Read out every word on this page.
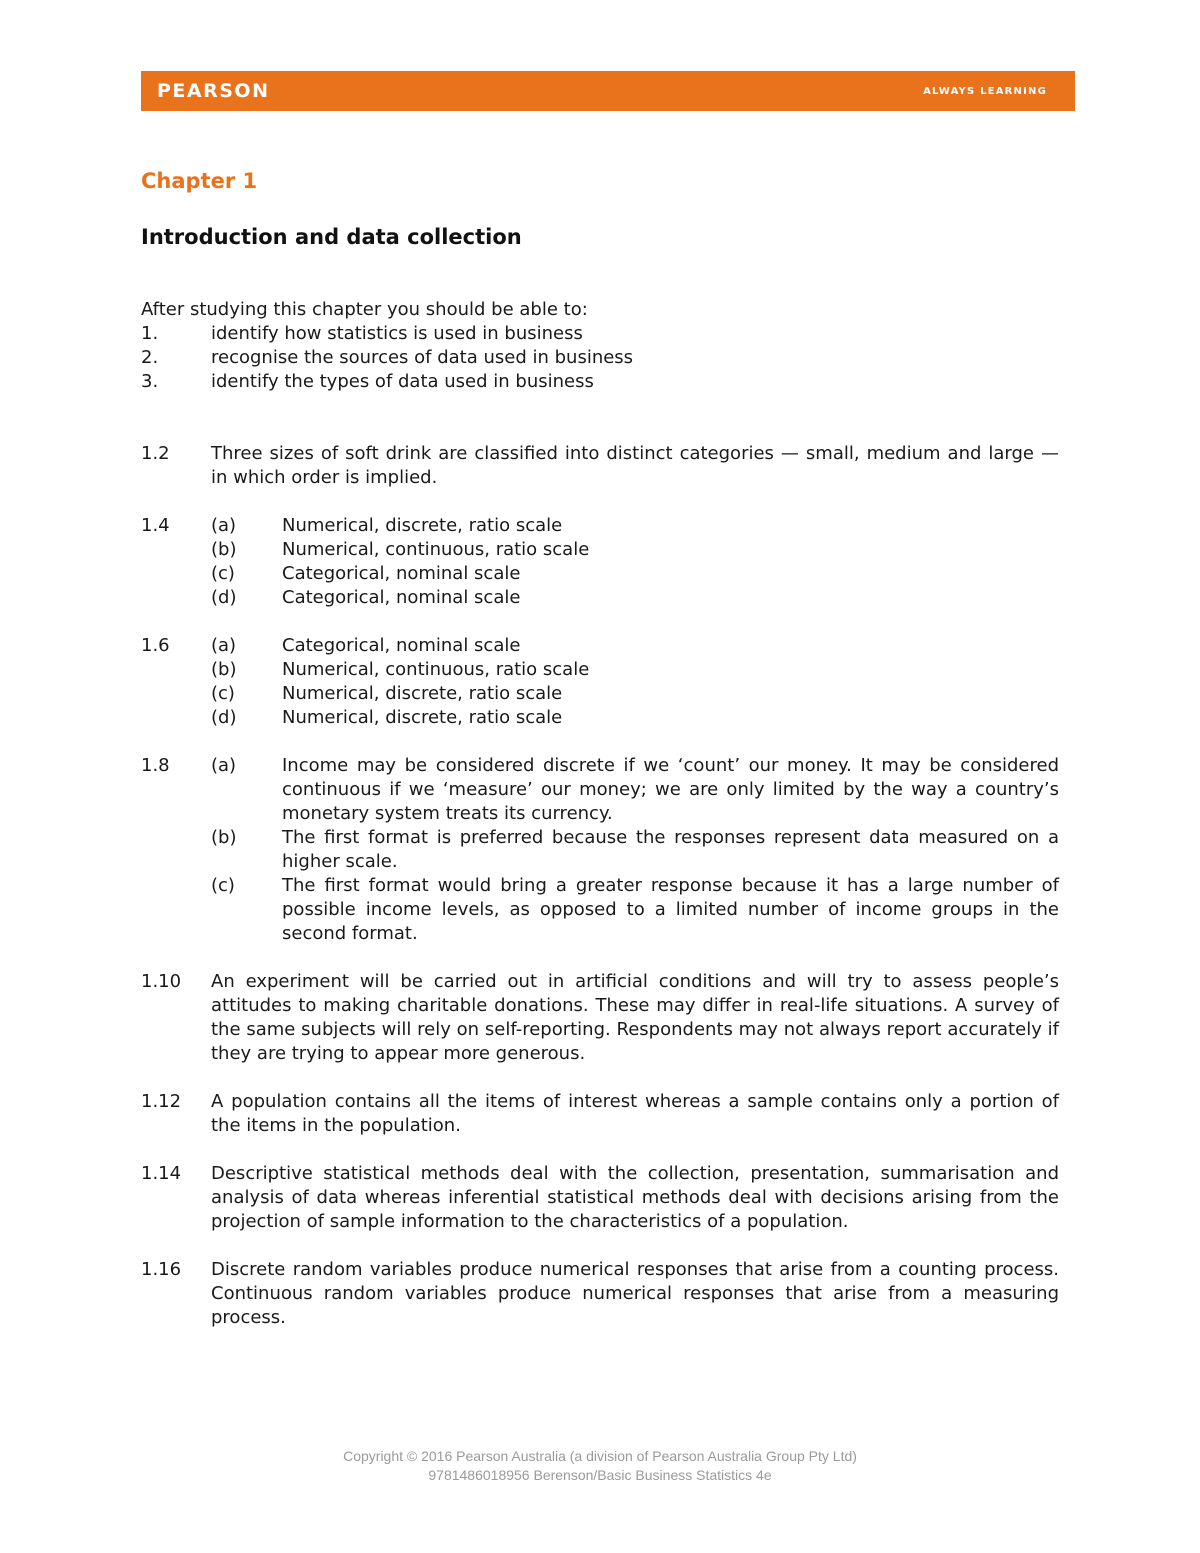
PEARSON	ALWAYS LEARNING
Chapter 1
Introduction and data collection
After studying this chapter you should be able to:
1.	identify how statistics is used in business
2.	recognise the sources of data used in business
3.	identify the types of data used in business
1.2	Three sizes of soft drink are classified into distinct categories — small, medium and large — in which order is implied.
1.4	(a)	Numerical, discrete, ratio scale
(b)	Numerical, continuous, ratio scale
(c)	Categorical, nominal scale
(d)	Categorical, nominal scale
1.6	(a)	Categorical, nominal scale
(b)	Numerical, continuous, ratio scale
(c)	Numerical, discrete, ratio scale
(d)	Numerical, discrete, ratio scale
1.8	(a)	Income may be considered discrete if we ‘count’ our money. It may be considered continuous if we ‘measure’ our money; we are only limited by the way a country’s monetary system treats its currency.
(b)	The first format is preferred because the responses represent data measured on a higher scale.
(c)	The first format would bring a greater response because it has a large number of possible income levels, as opposed to a limited number of income groups in the second format.
1.10	An experiment will be carried out in artificial conditions and will try to assess people’s attitudes to making charitable donations. These may differ in real-life situations. A survey of the same subjects will rely on self-reporting. Respondents may not always report accurately if they are trying to appear more generous.
1.12	A population contains all the items of interest whereas a sample contains only a portion of the items in the population.
1.14	Descriptive statistical methods deal with the collection, presentation, summarisation and analysis of data whereas inferential statistical methods deal with decisions arising from the projection of sample information to the characteristics of a population.
1.16	Discrete random variables produce numerical responses that arise from a counting process. Continuous random variables produce numerical responses that arise from a measuring process.
Copyright © 2016 Pearson Australia (a division of Pearson Australia Group Pty Ltd)
9781486018956 Berenson/Basic Business Statistics 4e
